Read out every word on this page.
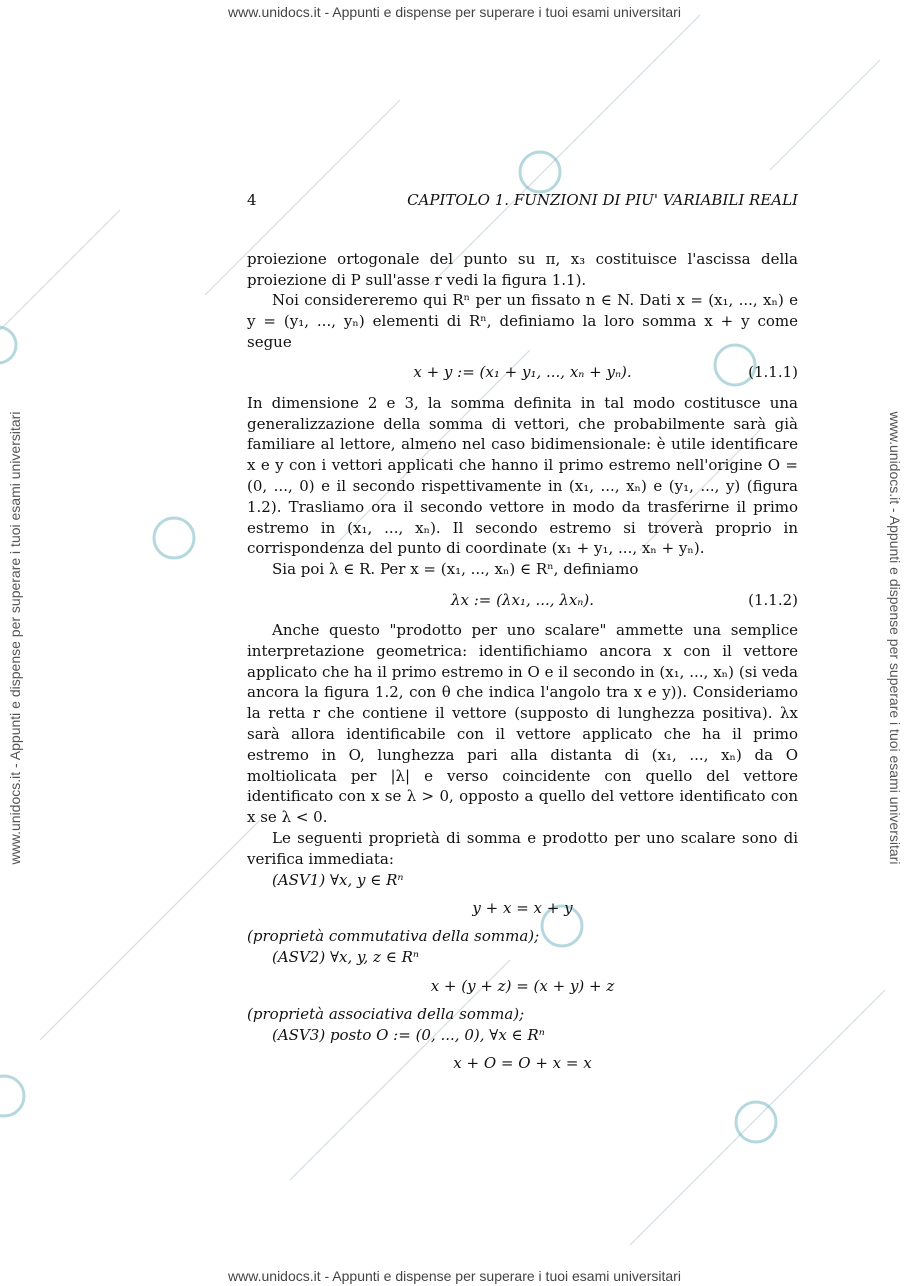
www.unidocs.it - Appunti e dispense per superare i tuoi esami universitari
www.unidocs.it - Appunti e dispense per superare i tuoi esami universitari
www.unidocs.it - Appunti e dispense per superare i tuoi esami universitari	www.unidocs.it - Appunti e dispense per superare i tuoi esami universitari
4	CAPITOLO 1. FUNZIONI DI PIU' VARIABILI REALI

proiezione ortogonale del punto su π, x₃ costituisce l'ascissa della proiezione di P sull'asse r vedi la figura 1.1).

Noi considereremo qui Rⁿ per un fissato n ∈ N. Dati x = (x₁, ..., xₙ) e y = (y₁, ..., yₙ) elementi di Rⁿ, definiamo la loro somma x + y come segue

x + y := (x₁ + y₁, ..., xₙ + yₙ).	(1.1.1)

In dimensione 2 e 3, la somma definita in tal modo costitusce una generalizzazione della somma di vettori, che probabilmente sarà già familiare al lettore, almeno nel caso bidimensionale: è utile identificare x e y con i vettori applicati che hanno il primo estremo nell'origine O = (0, ..., 0) e il secondo rispettivamente in (x₁, ..., xₙ) e (y₁, ..., y) (figura 1.2). Trasliamo ora il secondo vettore in modo da trasferirne il primo estremo in (x₁, ..., xₙ). Il secondo estremo si troverà proprio in corrispondenza del punto di coordinate (x₁ + y₁, ..., xₙ + yₙ).

Sia poi λ ∈ R. Per x = (x₁, ..., xₙ) ∈ Rⁿ, definiamo

λx := (λx₁, ..., λxₙ).	(1.1.2)

Anche questo "prodotto per uno scalare" ammette una semplice interpretazione geometrica: identifichiamo ancora x con il vettore applicato che ha il primo estremo in O e il secondo in (x₁, ..., xₙ) (si veda ancora la figura 1.2, con θ che indica l'angolo tra x e y)). Consideriamo la retta r che contiene il vettore (supposto di lunghezza positiva). λx sarà allora identificabile con il vettore applicato che ha il primo estremo in O, lunghezza pari alla distanta di (x₁, ..., xₙ) da O moltiolicata per |λ| e verso coincidente con quello del vettore identificato con x se λ > 0, opposto a quello del vettore identificato con x se λ < 0.

Le seguenti proprietà di somma e prodotto per uno scalare sono di verifica immediata:

(ASV1) ∀x, y ∈ Rⁿ
y + x = x + y
(proprietà commutativa della somma);
(ASV2) ∀x, y, z ∈ Rⁿ
x + (y + z) = (x + y) + z
(proprietà associativa della somma);
(ASV3) posto O := (0, ..., 0), ∀x ∈ Rⁿ
x + O = O + x = x
